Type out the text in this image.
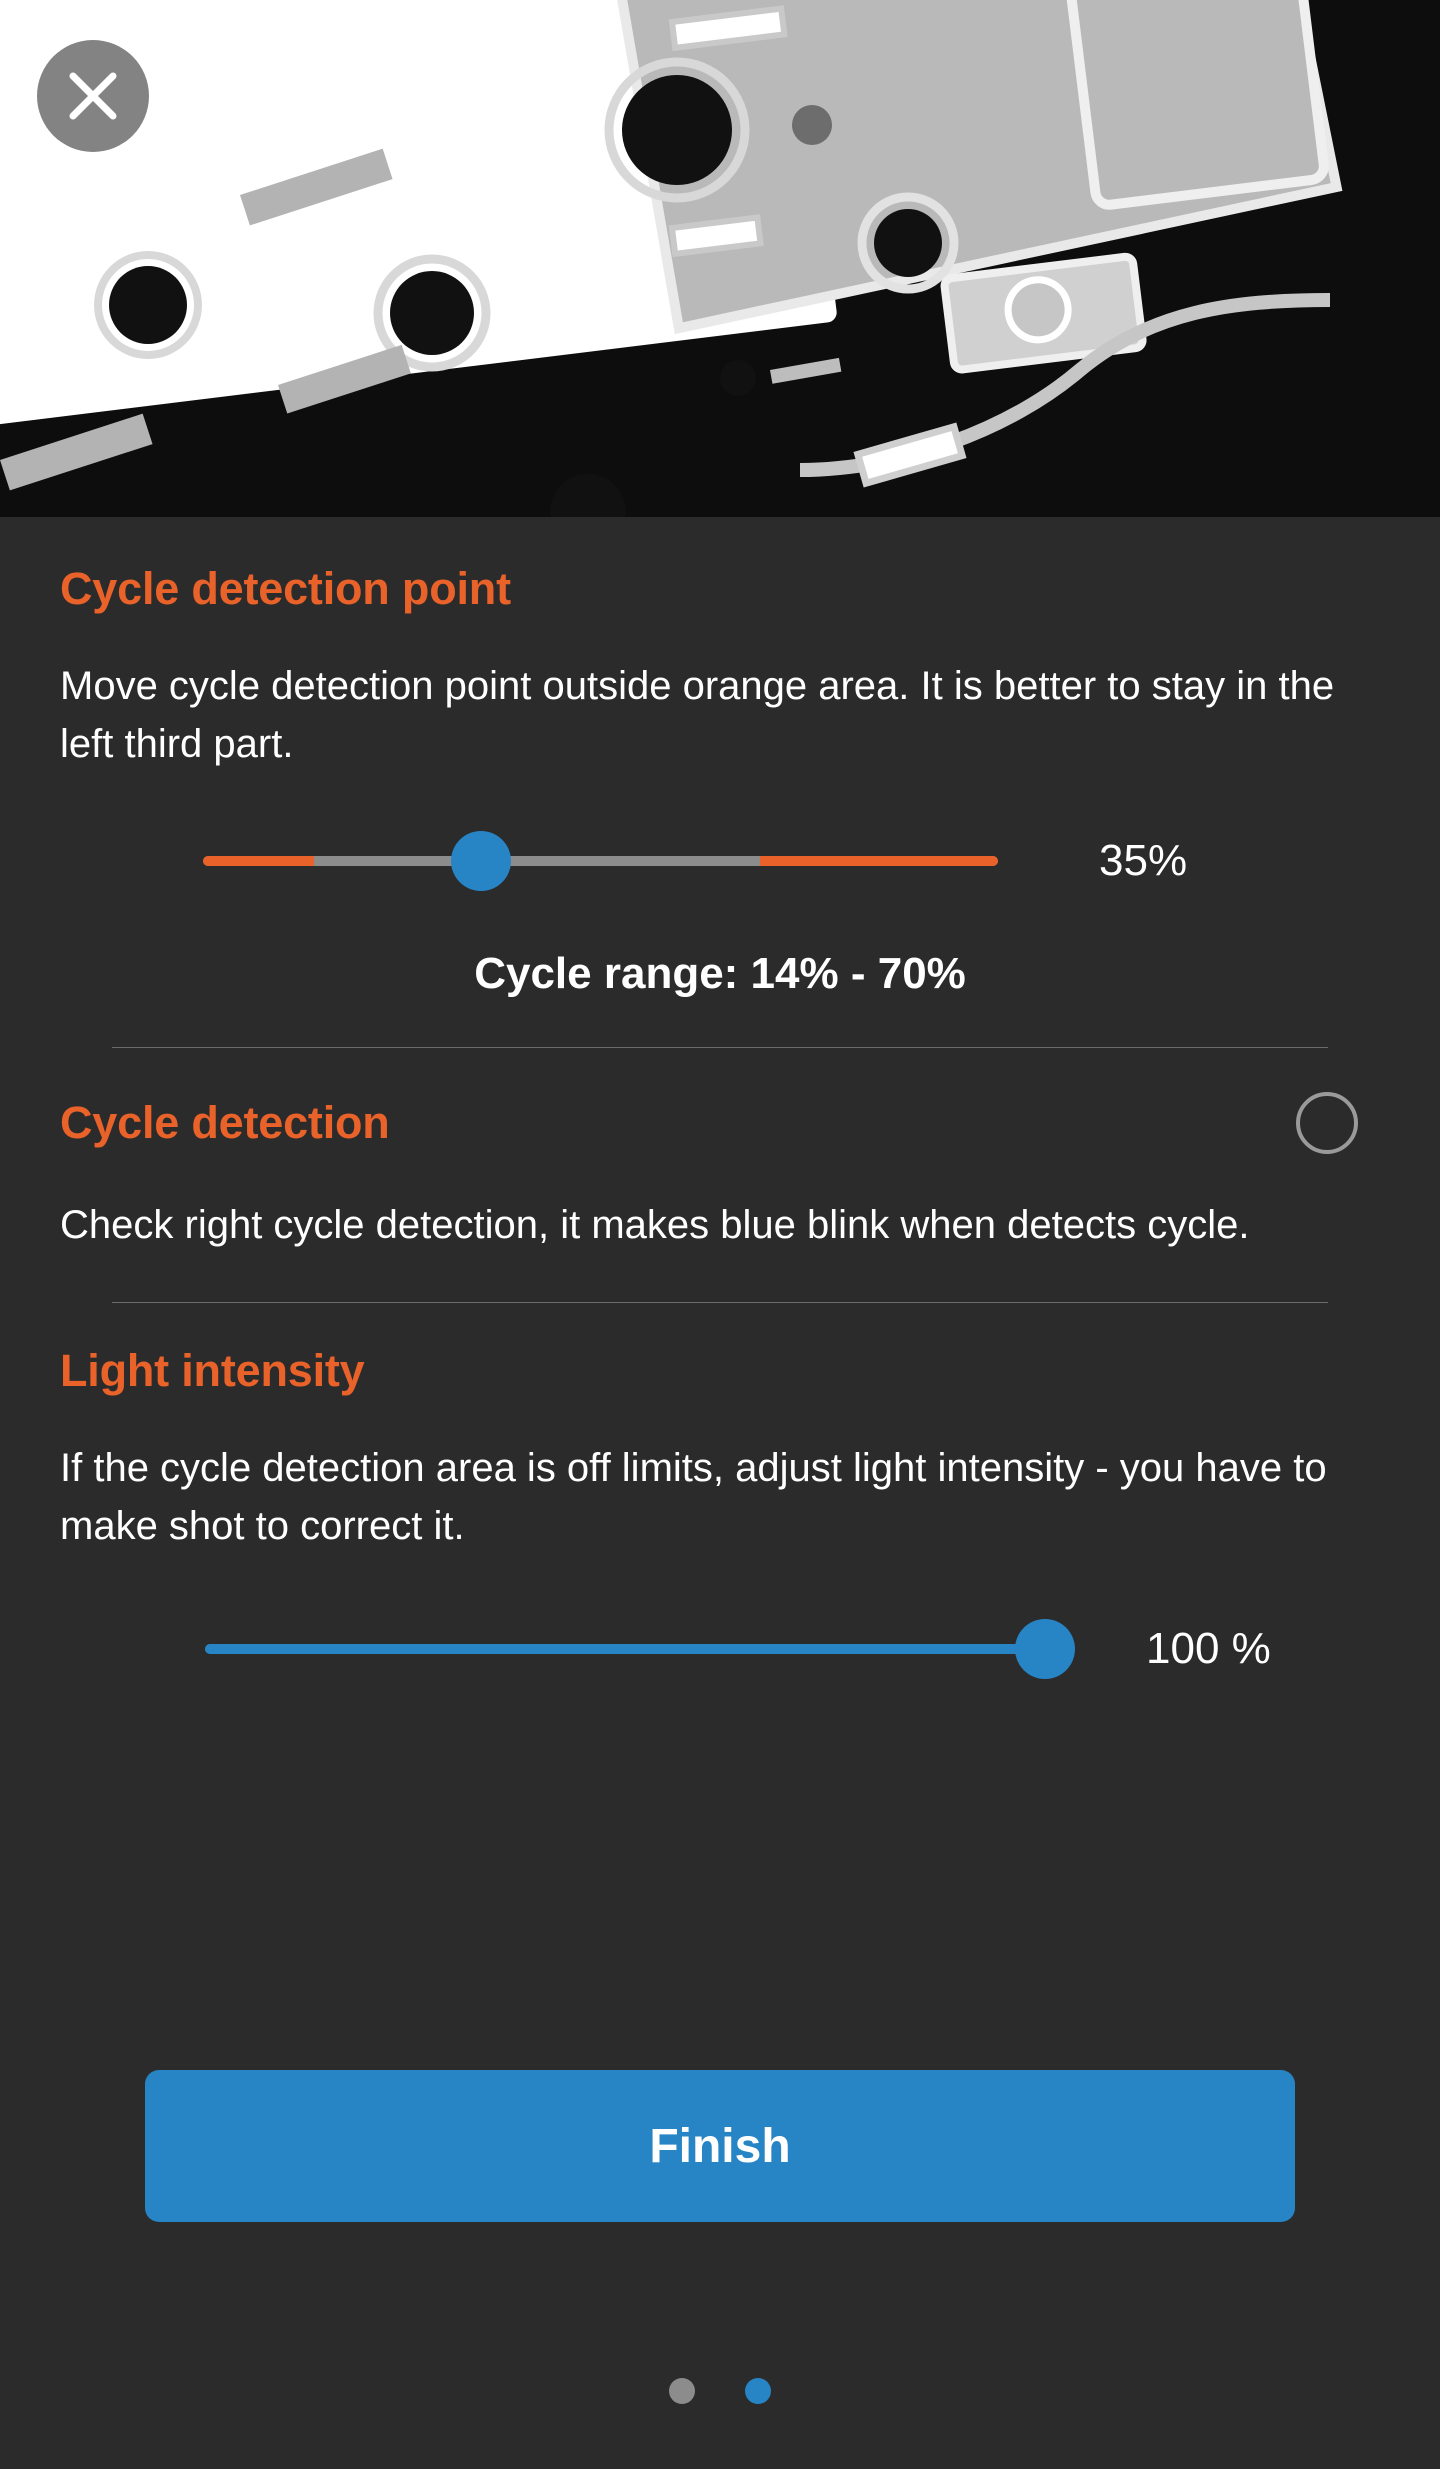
Cycle detection point

Move cycle detection point outside orange area. It is better to stay in the left third part.

35%
Cycle range: 14% - 70%
Cycle detection

Check right cycle detection, it makes blue blink when detects cycle.

Light intensity

If the cycle detection area is off limits, adjust light intensity - you have to make shot to correct it.

100 %
Finish
